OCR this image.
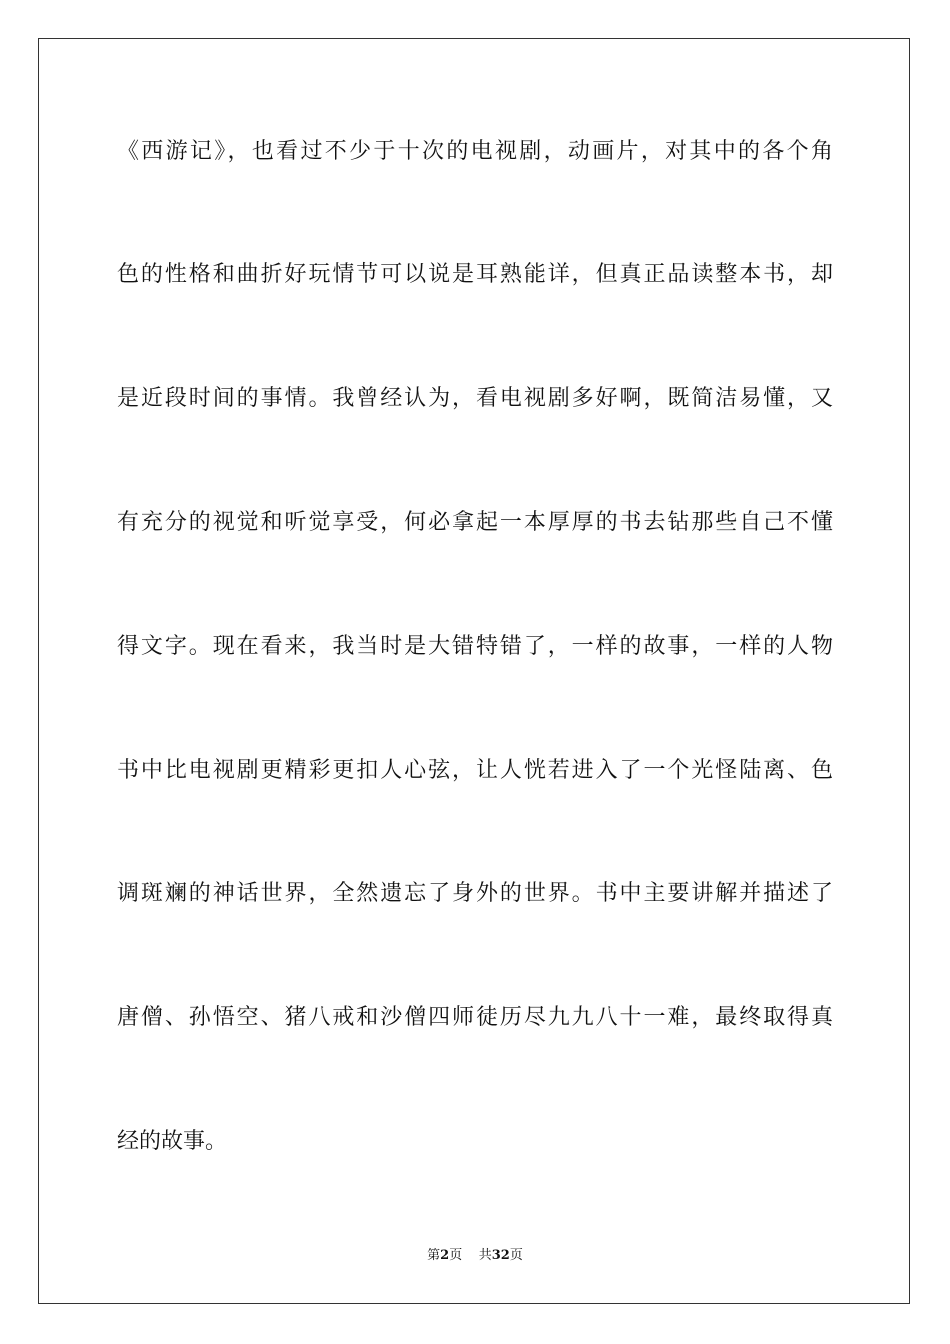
《西游记》，也看过不少于十次的电视剧，动画片，对其中的各个角
色的性格和曲折好玩情节可以说是耳熟能详，但真正品读整本书，却
是近段时间的事情。我曾经认为，看电视剧多好啊，既简洁易懂，又
有充分的视觉和听觉享受，何必拿起一本厚厚的书去钻那些自己不懂
得文字。现在看来，我当时是大错特错了，一样的故事，一样的人物
书中比电视剧更精彩更扣人心弦，让人恍若进入了一个光怪陆离、色
调斑斓的神话世界，全然遗忘了身外的世界。书中主要讲解并描述了
唐僧、孙悟空、猪八戒和沙僧四师徒历尽九九八十一难，最终取得真
经的故事。
第2页 共32页
